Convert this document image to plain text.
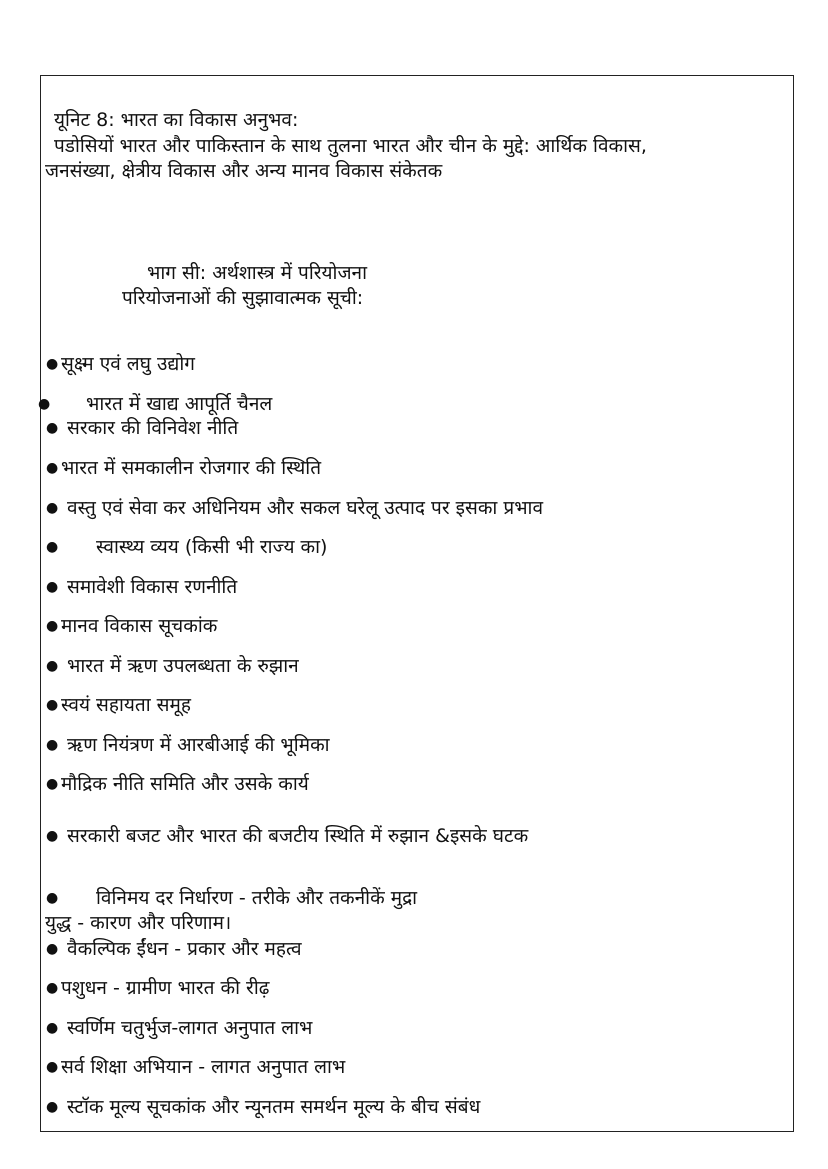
यूनिट 8: भारत का विकास अनुभव:
पडोसियों भारत और पाकिस्तान के साथ तुलना भारत और चीन के मुद्दे: आर्थिक विकास,
जनसंख्या, क्षेत्रीय विकास और अन्य मानव विकास संकेतक
भाग सी: अर्थशास्त्र में परियोजना
परियोजनाओं की सुझावात्मक सूची:
● सूक्ष्म एवं लघु उद्योग
● भारत में खाद्य आपूर्ति चैनल
● सरकार की विनिवेश नीति
● भारत में समकालीन रोजगार की स्थिति
● वस्तु एवं सेवा कर अधिनियम और सकल घरेलू उत्पाद पर इसका प्रभाव
● स्वास्थ्य व्यय (किसी भी राज्य का)
● समावेशी विकास रणनीति
● मानव विकास सूचकांक
● भारत में ऋण उपलब्धता के रुझान
● स्वयं सहायता समूह
● ऋण नियंत्रण में आरबीआई की भूमिका
● मौद्रिक नीति समिति और उसके कार्य
● सरकारी बजट और भारत की बजटीय स्थिति में रुझान &इसके घटक
● विनिमय दर निर्धारण - तरीके और तकनीकें मुद्रा
युद्ध - कारण और परिणाम।
● वैकल्पिक ईंधन - प्रकार और महत्व
● पशुधन - ग्रामीण भारत की रीढ़
● स्वर्णिम चतुर्भुज-लागत अनुपात लाभ
● सर्व शिक्षा अभियान - लागत अनुपात लाभ
● स्टॉक मूल्य सूचकांक और न्यूनतम समर्थन मूल्य के बीच संबंध
